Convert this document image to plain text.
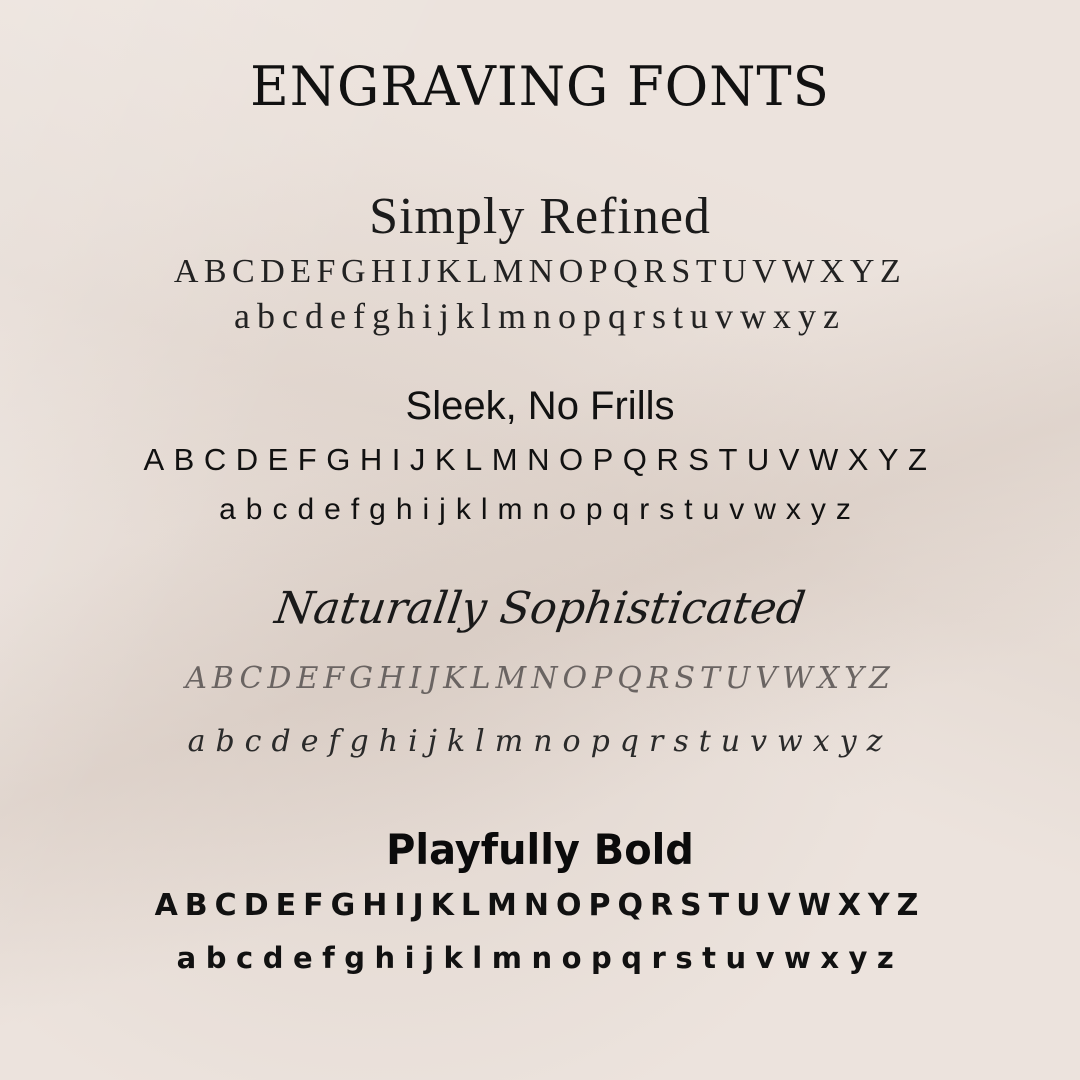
ENGRAVING FONTS
Simply Refined
ABCDEFGHIJKLMNOPQRSTUVWXYZ
abcdefghijklmnopqrstuvwxyz
Sleek, No Frills
ABCDEFGHIJKLMNOPQRSTUVWXYZ
abcdefghijklmnopqrstuvwxyz
Naturally Sophisticated
ABCDEFGHIJKLMNOPQRSTUVWXYZ
abcdefghijklmnopqrstuvwxyz
Playfully Bold
ABCDEFGHIJKLMNOPQRSTUVWXYZ
abcdefghijklmnopqrstuvwxyz
